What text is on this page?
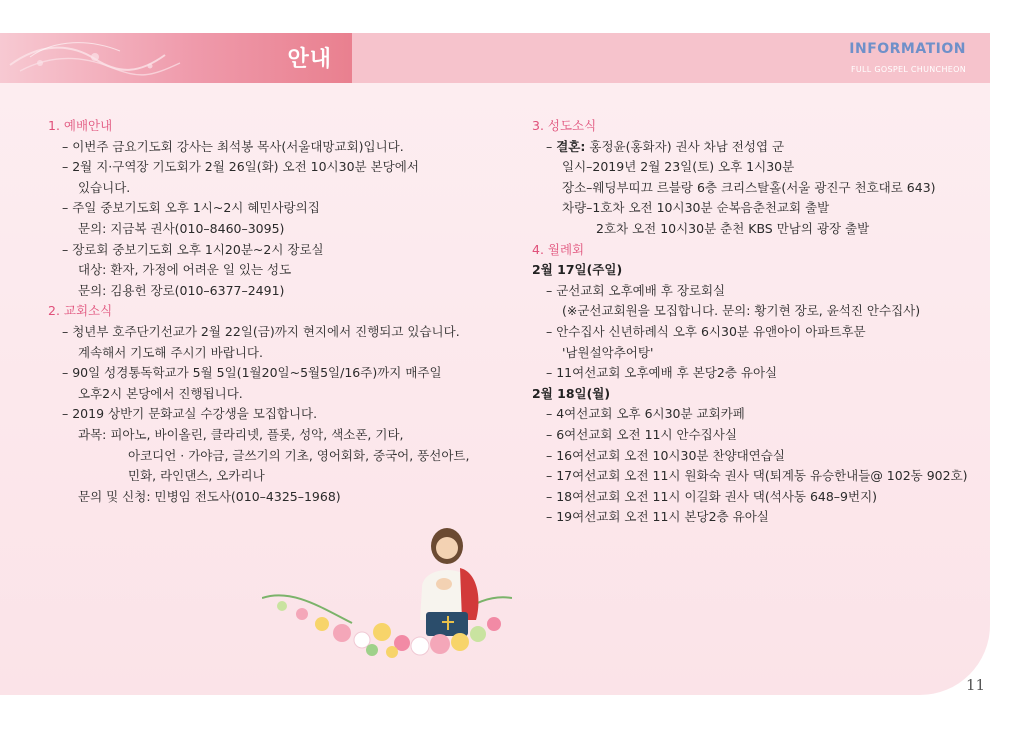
안내	INFORMATION
FULL GOSPEL CHUNCHEON
1. 예배안내
– 이번주 금요기도회 강사는 최석봉 목사(서울대망교회)입니다.
– 2월 지·구역장 기도회가 2월 26일(화) 오전 10시30분 본당에서
있습니다.
– 주일 중보기도회 오후 1시~2시 혜민사랑의집
문의: 지금복 권사(010–8460–3095)
– 장로회 중보기도회 오후 1시20분~2시 장로실
대상: 환자, 가정에 어려운 일 있는 성도
문의: 김용헌 장로(010–6377–2491)
2. 교회소식
– 청년부 호주단기선교가 2월 22일(금)까지 현지에서 진행되고 있습니다.
계속해서 기도해 주시기 바랍니다.
– 90일 성경통독학교가 5월 5일(1월20일~5월5일/16주)까지 매주일
오후2시 본당에서 진행됩니다.
– 2019 상반기 문화교실 수강생을 모집합니다.
과목: 피아노, 바이올린, 클라리넷, 플롯, 성악, 색소폰, 기타,
아코디언 · 가야금, 글쓰기의 기초, 영어회화, 중국어, 풍선아트,
민화, 라인댄스, 오카리나
문의 및 신청: 민병임 전도사(010–4325–1968)
3. 성도소식
– 결혼: 홍정윤(홍화자) 권사 차남 전성엽 군
일시–2019년 2월 23일(토) 오후 1시30분
장소–웨딩부띠끄 르블랑 6층 크리스탈홀(서울 광진구 천호대로 643)
차량–1호차 오전 10시30분 순복음춘천교회 출발
2호차 오전 10시30분 춘천 KBS 만남의 광장 출발
4. 월례회
2월 17일(주일)
– 군선교회 오후예배 후 장로회실
(※군선교회원을 모집합니다. 문의: 황기현 장로, 윤석진 안수집사)
– 안수집사 신년하례식 오후 6시30분 유앤아이 아파트후문
'남원설악추어탕'
– 11여선교회 오후예배 후 본당2층 유아실
2월 18일(월)
– 4여선교회 오후 6시30분 교회카페
– 6여선교회 오전 11시 안수집사실
– 16여선교회 오전 10시30분 찬양대연습실
– 17여선교회 오전 11시 원화숙 권사 댁(퇴계동 유승한내들@ 102동 902호)
– 18여선교회 오전 11시 이길화 권사 댁(석사동 648–9번지)
– 19여선교회 오전 11시 본당2층 유아실
11
